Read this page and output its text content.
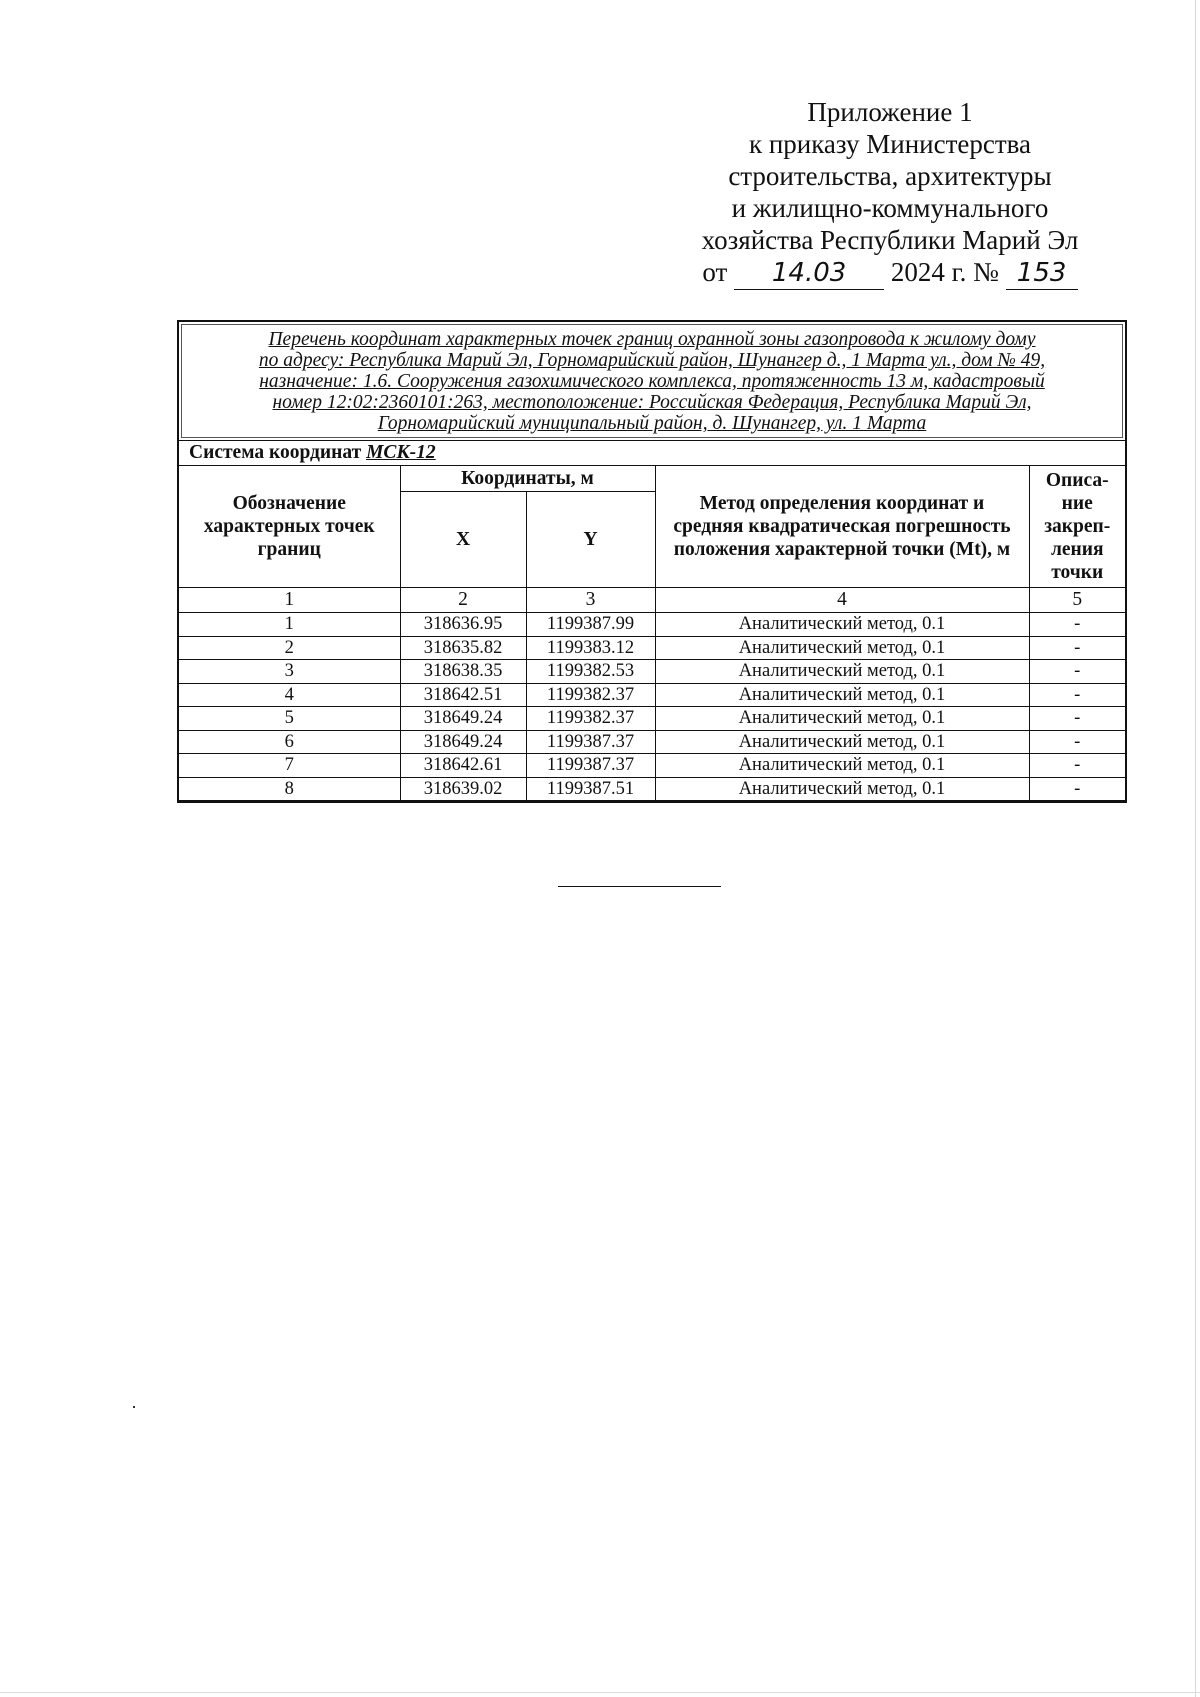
Приложение 1
к приказу Министерства
строительства, архитектуры
и жилищно-коммунального
хозяйства Республики Марий Эл
от 14.03 2024 г. № 153
Перечень координат характерных точек границ охранной зоны газопровода к жилому дому
по адресу: Республика Марий Эл, Горномарийский район, Шунангер д., 1 Марта ул., дом № 49,
назначение: 1.6. Сооружения газохимического комплекса, протяженность 13 м, кадастровый
номер 12:02:2360101:263, местоположение: Российская Федерация, Республика Марий Эл,
Горномарийский муниципальный район, д. Шунангер, ул. 1 Марта
Система координат МСК-12
Обозначение характерных точек границ	Координаты, м		Метод определения координат и средняя квадратическая погрешность положения характерной точки (Mt), м	Описа-ние закреп-ления точки
	X	Y		
1	2	3	4	5
1	318636.95	1199387.99	Аналитический метод, 0.1	-
2	318635.82	1199383.12	Аналитический метод, 0.1	-
3	318638.35	1199382.53	Аналитический метод, 0.1	-
4	318642.51	1199382.37	Аналитический метод, 0.1	-
5	318649.24	1199382.37	Аналитический метод, 0.1	-
6	318649.24	1199387.37	Аналитический метод, 0.1	-
7	318642.61	1199387.37	Аналитический метод, 0.1	-
8	318639.02	1199387.51	Аналитический метод, 0.1	-
